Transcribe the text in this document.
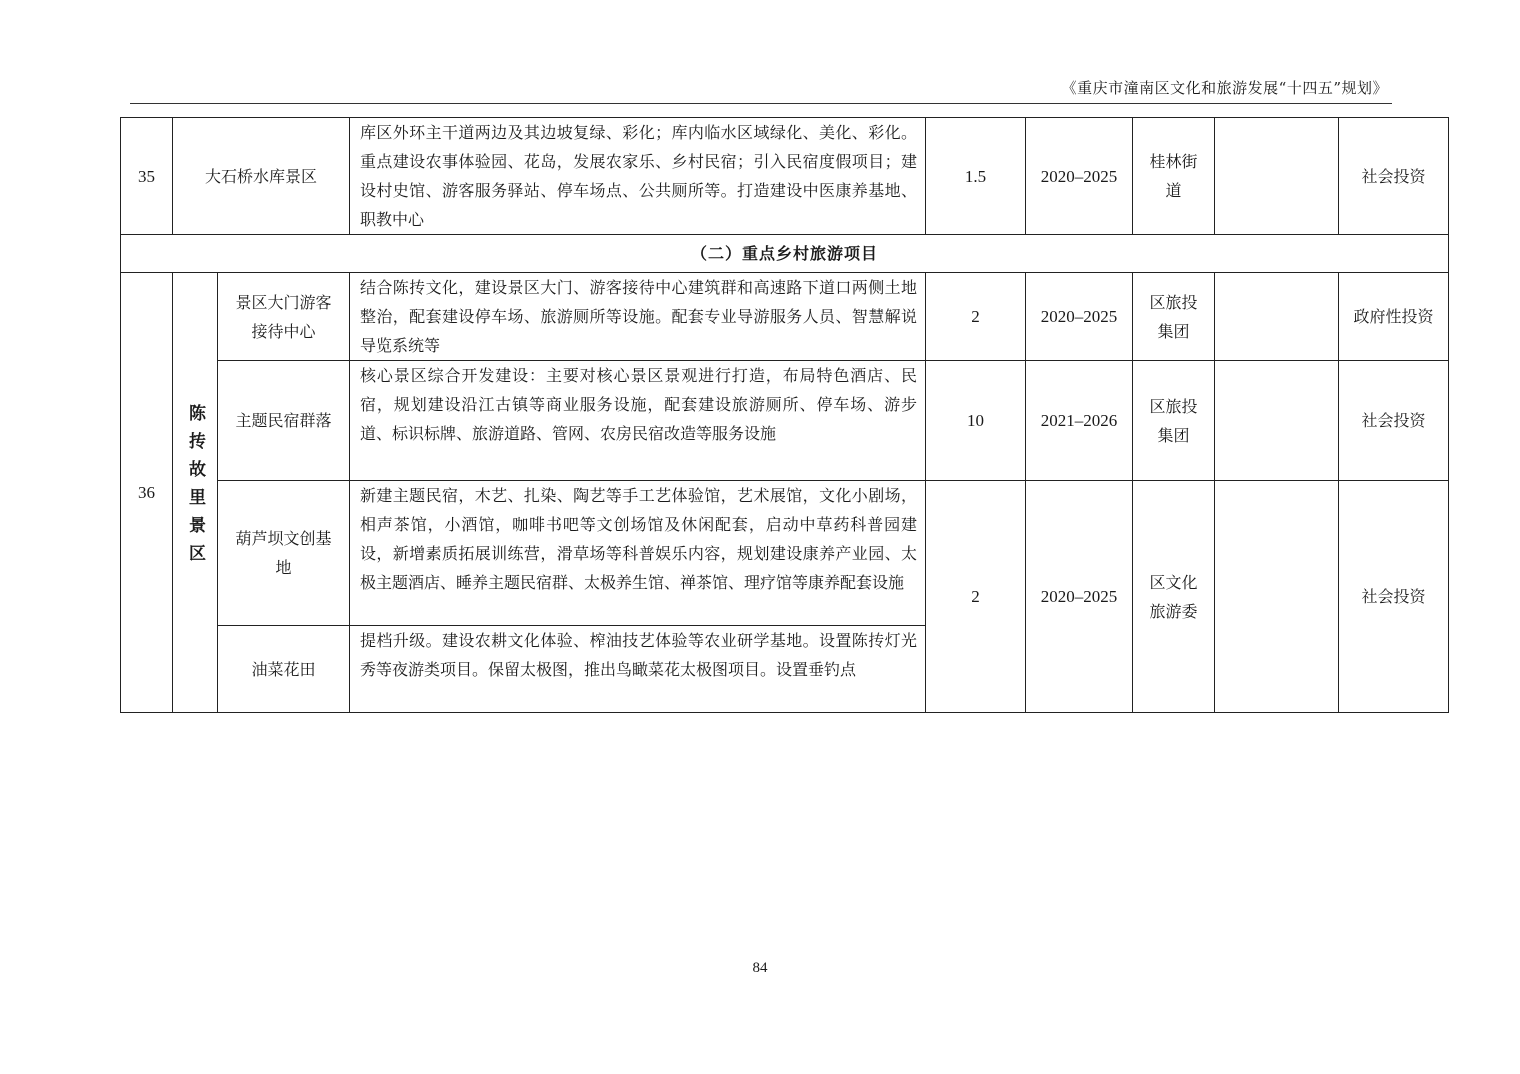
《重庆市潼南区文化和旅游发展“十四五”规划》
35	大石桥水库景区		库区外环主干道两边及其边坡复绿、彩化；库内临水区域绿化、美化、彩化。重点建设农事体验园、花岛，发展农家乐、乡村民宿；引入民宿度假项目；建设村史馆、游客服务驿站、停车场点、公共厕所等。打造建设中医康养基地、职教中心	1.5	2020–2025	桂林街道		社会投资
（二）重点乡村旅游项目								
36	陈抟故里景区	景区大门游客接待中心	结合陈抟文化，建设景区大门、游客接待中心建筑群和高速路下道口两侧土地整治，配套建设停车场、旅游厕所等设施。配套专业导游服务人员、智慧解说导览系统等	2	2020–2025	区旅投集团		政府性投资
		主题民宿群落	核心景区综合开发建设：主要对核心景区景观进行打造，布局特色酒店、民宿，规划建设沿江古镇等商业服务设施，配套建设旅游厕所、停车场、游步道、标识标牌、旅游道路、管网、农房民宿改造等服务设施	10	2021–2026	区旅投集团		社会投资
		葫芦坝文创基地	新建主题民宿，木艺、扎染、陶艺等手工艺体验馆，艺术展馆，文化小剧场，相声茶馆，小酒馆，咖啡书吧等文创场馆及休闲配套，启动中草药科普园建设，新增素质拓展训练营，滑草场等科普娱乐内容，规划建设康养产业园、太极主题酒店、睡养主题民宿群、太极养生馆、禅茶馆、理疗馆等康养配套设施	2	2020–2025	区文化旅游委		社会投资
		油菜花田	提档升级。建设农耕文化体验、榨油技艺体验等农业研学基地。设置陈抟灯光秀等夜游类项目。保留太极图，推出鸟瞰菜花太极图项目。设置垂钓点					
84
